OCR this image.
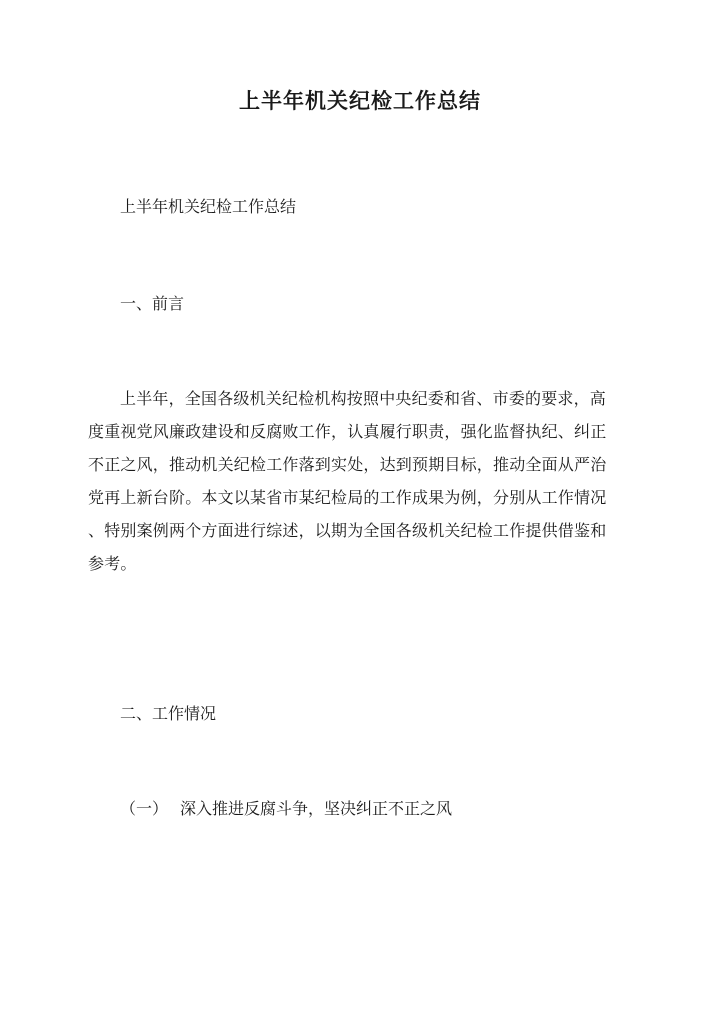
上半年机关纪检工作总结
上半年机关纪检工作总结
一、前言
上半年，全国各级机关纪检机构按照中央纪委和省、市委的要求，高
度重视党风廉政建设和反腐败工作，认真履行职责，强化监督执纪、纠正
不正之风，推动机关纪检工作落到实处，达到预期目标，推动全面从严治
党再上新台阶。本文以某省市某纪检局的工作成果为例，分别从工作情况
、特别案例两个方面进行综述，以期为全国各级机关纪检工作提供借鉴和
参考。
二、工作情况
（一） 深入推进反腐斗争，坚决纠正不正之风
